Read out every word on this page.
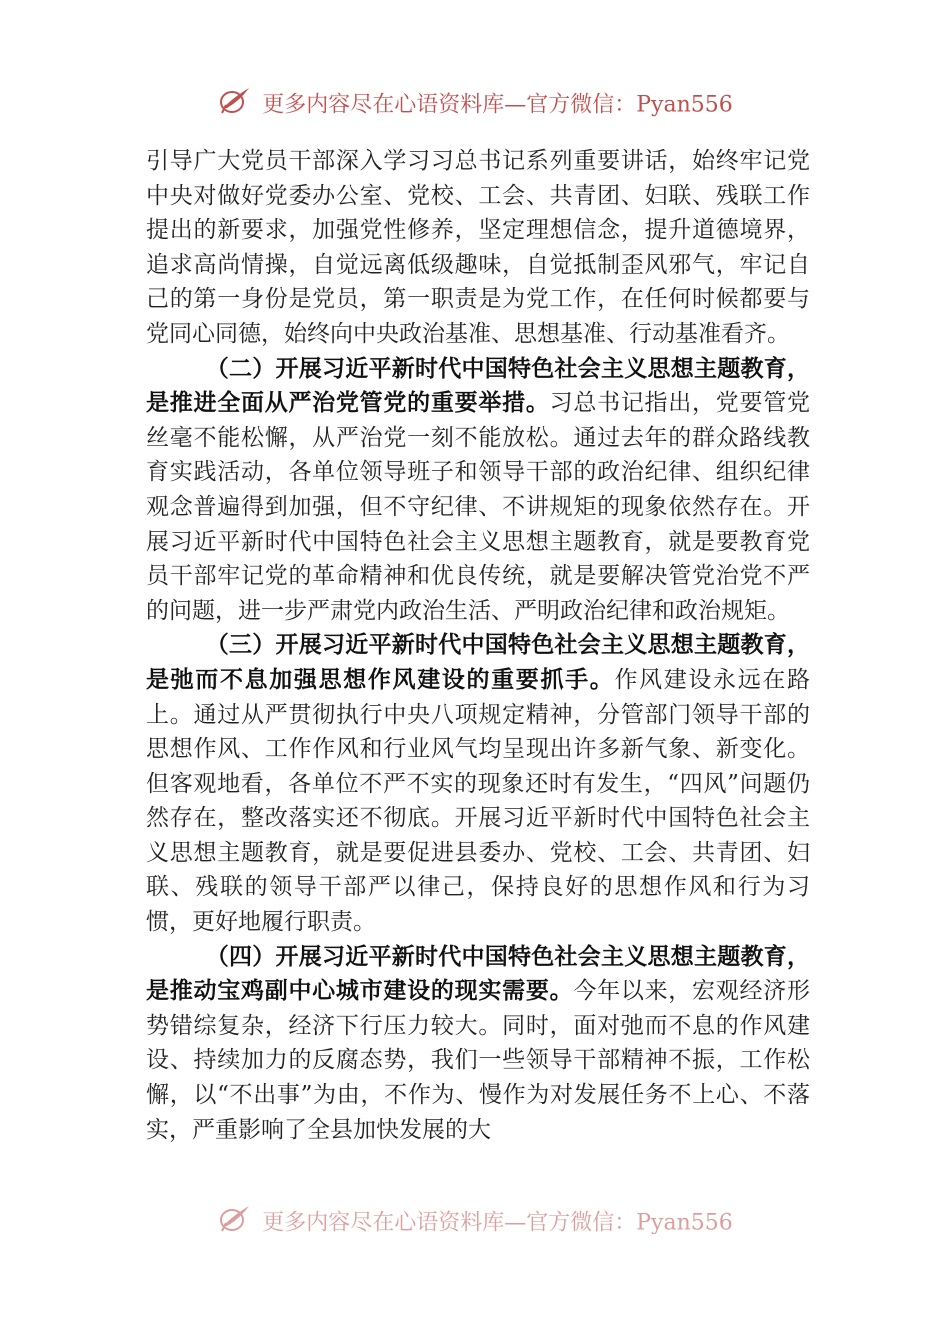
更多内容尽在心语资料库—官方微信：Pyan556

引导广大党员干部深入学习习总书记系列重要讲话，始终牢记党中央对做好党委办公室、党校、工会、共青团、妇联、残联工作提出的新要求，加强党性修养，坚定理想信念，提升道德境界，追求高尚情操，自觉远离低级趣味，自觉抵制歪风邪气，牢记自己的第一身份是党员，第一职责是为党工作，在任何时候都要与党同心同德，始终向中央政治基准、思想基准、行动基准看齐。

（二）开展习近平新时代中国特色社会主义思想主题教育，是推进全面从严治党管党的重要举措。习总书记指出，党要管党丝毫不能松懈，从严治党一刻不能放松。通过去年的群众路线教育实践活动，各单位领导班子和领导干部的政治纪律、组织纪律观念普遍得到加强，但不守纪律、不讲规矩的现象依然存在。开展习近平新时代中国特色社会主义思想主题教育，就是要教育党员干部牢记党的革命精神和优良传统，就是要解决管党治党不严的问题，进一步严肃党内政治生活、严明政治纪律和政治规矩。

（三）开展习近平新时代中国特色社会主义思想主题教育，是弛而不息加强思想作风建设的重要抓手。作风建设永远在路上。通过从严贯彻执行中央八项规定精神，分管部门领导干部的思想作风、工作作风和行业风气均呈现出许多新气象、新变化。但客观地看，各单位不严不实的现象还时有发生，“四风”问题仍然存在，整改落实还不彻底。开展习近平新时代中国特色社会主义思想主题教育，就是要促进县委办、党校、工会、共青团、妇联、残联的领导干部严以律己，保持良好的思想作风和行为习惯，更好地履行职责。

（四）开展习近平新时代中国特色社会主义思想主题教育，是推动宝鸡副中心城市建设的现实需要。今年以来，宏观经济形势错综复杂，经济下行压力较大。同时，面对弛而不息的作风建设、持续加力的反腐态势，我们一些领导干部精神不振，工作松懈，以“不出事”为由，不作为、慢作为对发展任务不上心、不落实，严重影响了全县加快发展的大

更多内容尽在心语资料库—官方微信：Pyan556
